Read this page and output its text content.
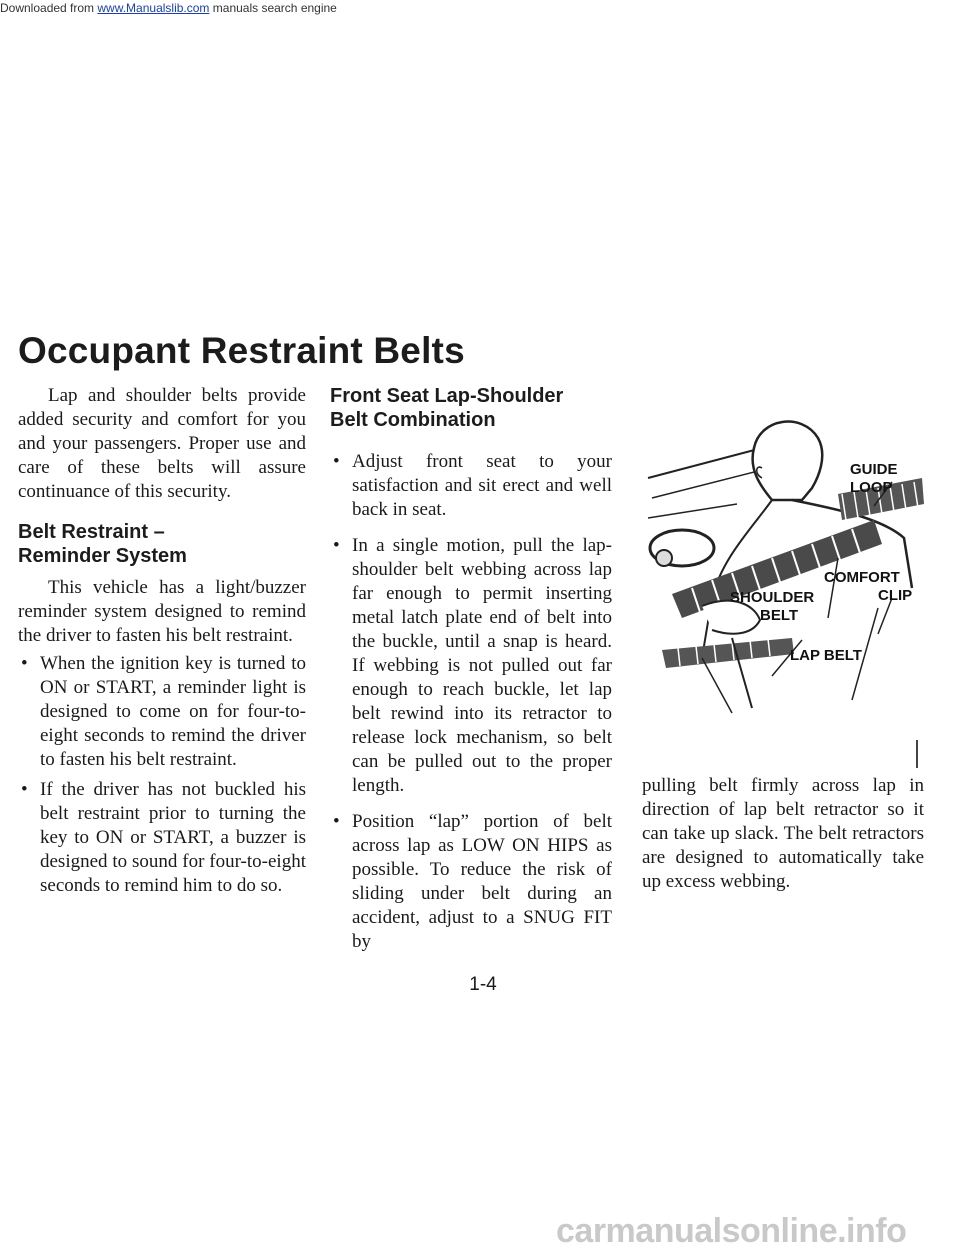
Downloaded from www.Manualslib.com manuals search engine
Occupant Restraint Belts

Lap and shoulder belts provide added security and comfort for you and your passengers. Proper use and care of these belts will assure continuance of this security.

Belt Restraint –
Reminder System

This vehicle has a light/buzzer reminder system designed to remind the driver to fasten his belt restraint.

• When the ignition key is turned to ON or START, a reminder light is designed to come on for four-to-eight seconds to remind the driver to fasten his belt restraint.
• If the driver has not buckled his belt restraint prior to turning the key to ON or START, a buzzer is designed to sound for four-to-eight seconds to remind him to do so.
Front Seat Lap-Shoulder
Belt Combination
• Adjust front seat to your satisfaction and sit erect and well back in seat.
• In a single motion, pull the lap-shoulder belt webbing across lap far enough to permit inserting metal latch plate end of belt into the buckle, until a snap is heard. If webbing is not pulled out far enough to reach buckle, let lap belt rewind into its retractor to release lock mechanism, so belt can be pulled out to the proper length.
• Position “lap” portion of belt across lap as LOW ON HIPS as possible. To reduce the risk of sliding under belt during an accident, adjust to a SNUG FIT by
GUIDE
LOOP
COMFORT
CLIP
SHOULDER
BELT
LAP BELT

pulling belt firmly across lap in direction of lap belt retractor so it can take up slack. The belt retractors are designed to automatically take up excess webbing.

1-4
carmanualsonline.info
